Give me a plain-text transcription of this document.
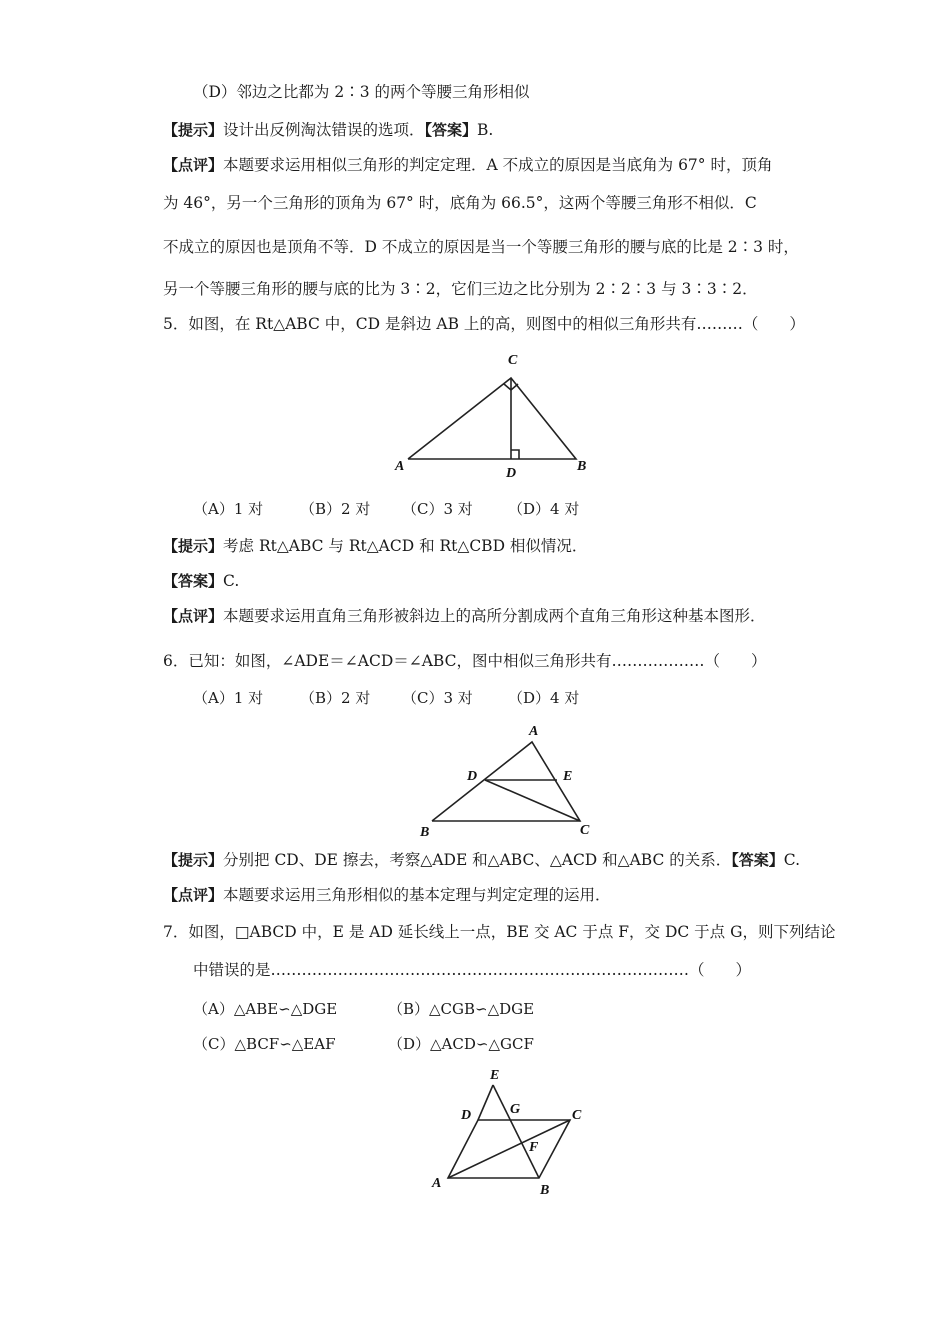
（D）邻边之比都为 2∶3 的两个等腰三角形相似
【提示】设计出反例淘汰错误的选项．【答案】B.
【点评】本题要求运用相似三角形的判定定理．A 不成立的原因是当底角为 67° 时，顶角
为 46°，另一个三角形的顶角为 67° 时，底角为 66.5°，这两个等腰三角形不相似．C
不成立的原因也是顶角不等．D 不成立的原因是当一个等腰三角形的腰与底的比是 2∶3 时，
另一个等腰三角形的腰与底的比为 3∶2，它们三边之比分别为 2∶2∶3 与 3∶3∶2．
5．如图，在 Rt△ABC 中，CD 是斜边 AB 上的高，则图中的相似三角形共有………（　　）
C
A	B
D
（A）1 对 （B）2 对 （C）3 对 （D）4 对
【提示】考虑 Rt△ABC 与 Rt△ACD 和 Rt△CBD 相似情况．
【答案】C.
【点评】本题要求运用直角三角形被斜边上的高所分割成两个直角三角形这种基本图形．
6．已知：如图，∠ADE＝∠ACD＝∠ABC，图中相似三角形共有………………（　　）
（A）1 对 （B）2 对 （C）3 对 （D）4 对
A
D	E
B	C
【提示】分别把 CD、DE 擦去，考察△ADE 和△ABC、△ACD 和△ABC 的关系．【答案】C.
【点评】本题要求运用三角形相似的基本定理与判定定理的运用．
7．如图，□ABCD 中，E 是 AD 延长线上一点，BE 交 AC 于点 F，交 DC 于点 G，则下列结论
中错误的是………………………………………………………………………（　　）
（A）△ABE∽△DGE	（B）△CGB∽△DGE
（C）△BCF∽△EAF	（D）△ACD∽△GCF
E
D	G	C
F
A	B
